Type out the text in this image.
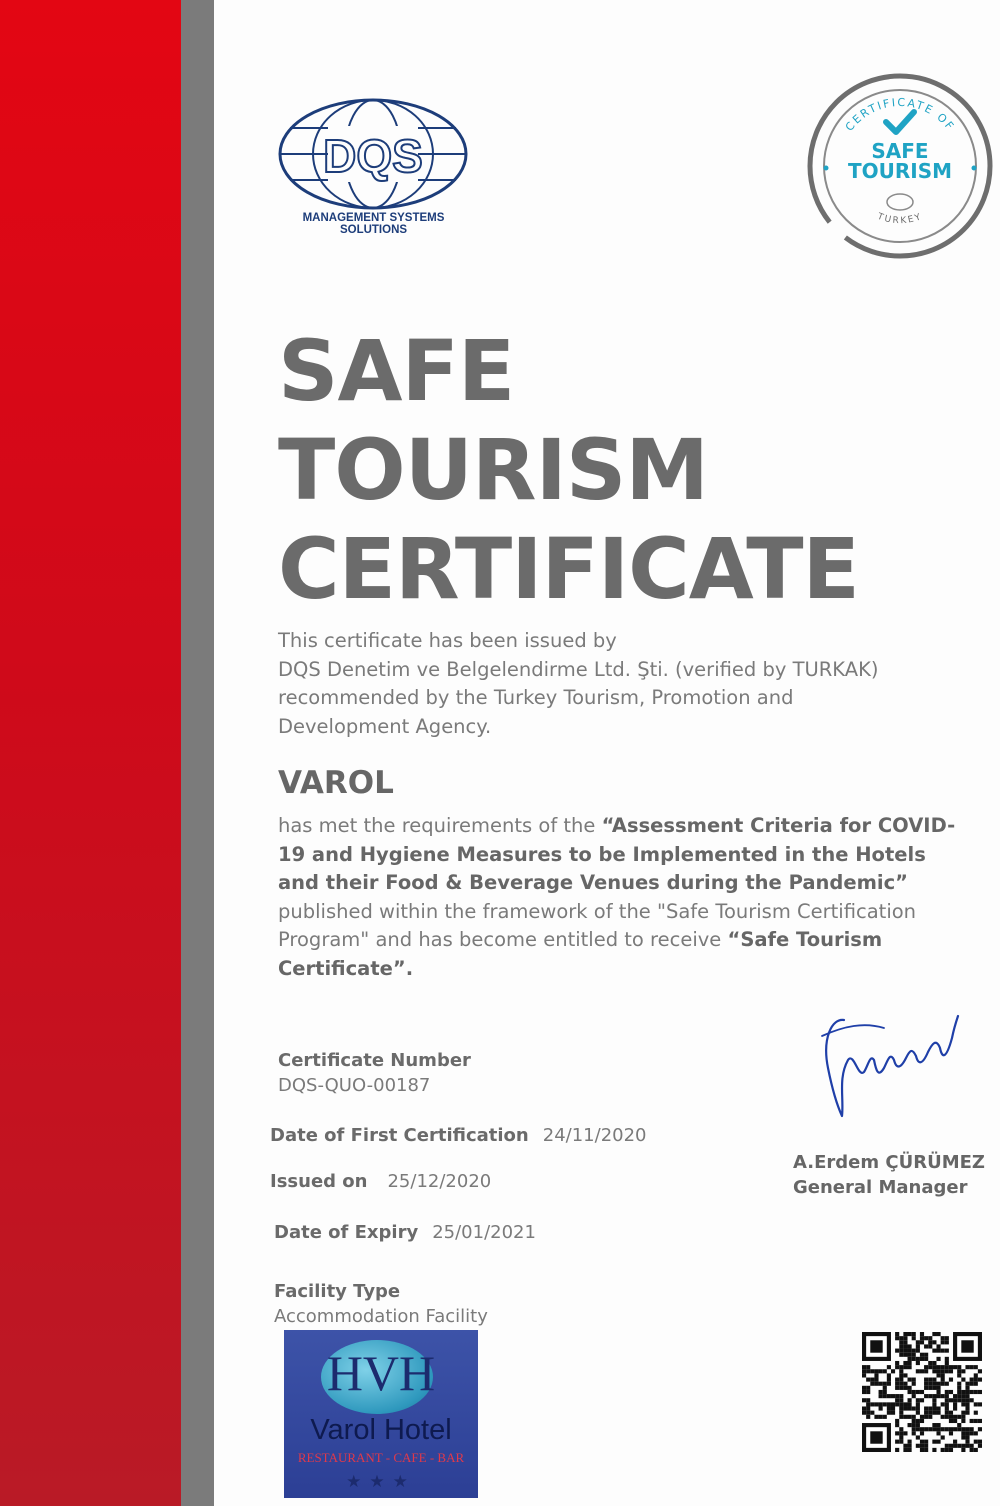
DQS
MANAGEMENT SYSTEMS SOLUTIONS
CERTIFICATE OF
SAFE
TOURISM
TURKEY
SAFE
TOURISM
CERTIFICATE
This certificate has been issued by
DQS Denetim ve Belgelendirme Ltd. Şti. (verified by TURKAK)
recommended by the Turkey Tourism, Promotion and
Development Agency.
VAROL
has met the requirements of the “Assessment Criteria for COVID-19 and Hygiene Measures to be Implemented in the Hotels and their Food & Beverage Venues during the Pandemic” published within the framework of the "Safe Tourism Certification Program" and has become entitled to receive “Safe Tourism Certificate”.
Certificate Number
DQS-QUO-00187
Date of First Certification 24/11/2020
Issued on 25/12/2020
Date of Expiry 25/01/2021
Facility Type
Accommodation Facility
A.Erdem ÇÜRÜMEZ
General Manager
HVH
Varol Hotel
RESTAURANT - CAFE - BAR
★★★
